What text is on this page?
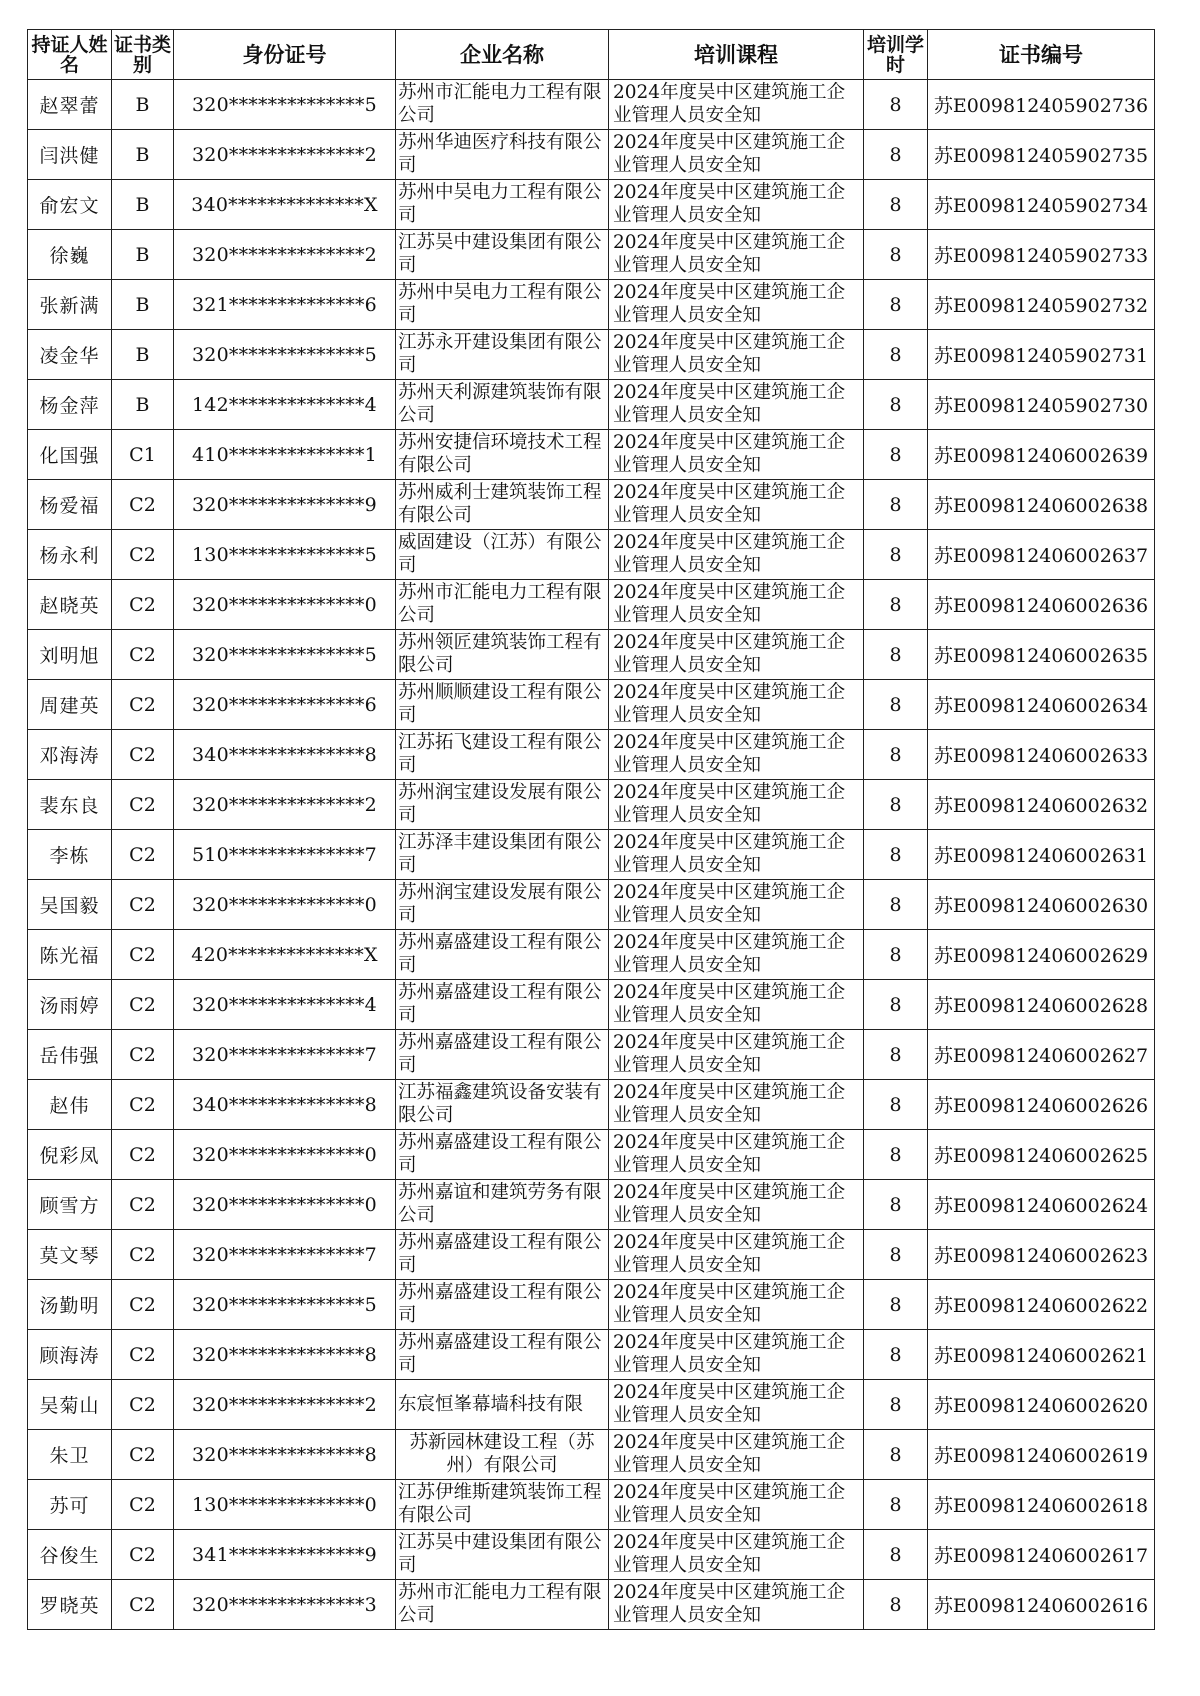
持证人姓名	证书类别	身份证号	企业名称	培训课程	培训学时	证书编号
赵翠蕾	B	320**************5	苏州市汇能电力工程有限公司	2024年度吴中区建筑施工企业管理人员安全知	8	苏E009812405902736
闫洪健	B	320**************2	苏州华迪医疗科技有限公司	2024年度吴中区建筑施工企业管理人员安全知	8	苏E009812405902735
俞宏文	B	340**************X	苏州中吴电力工程有限公司	2024年度吴中区建筑施工企业管理人员安全知	8	苏E009812405902734
徐巍	B	320**************2	江苏吴中建设集团有限公司	2024年度吴中区建筑施工企业管理人员安全知	8	苏E009812405902733
张新满	B	321**************6	苏州中吴电力工程有限公司	2024年度吴中区建筑施工企业管理人员安全知	8	苏E009812405902732
凌金华	B	320**************5	江苏永开建设集团有限公司	2024年度吴中区建筑施工企业管理人员安全知	8	苏E009812405902731
杨金萍	B	142**************4	苏州天利源建筑装饰有限公司	2024年度吴中区建筑施工企业管理人员安全知	8	苏E009812405902730
化国强	C1	410**************1	苏州安捷信环境技术工程有限公司	2024年度吴中区建筑施工企业管理人员安全知	8	苏E009812406002639
杨爱福	C2	320**************9	苏州威利士建筑装饰工程有限公司	2024年度吴中区建筑施工企业管理人员安全知	8	苏E009812406002638
杨永利	C2	130**************5	威固建设（江苏）有限公司	2024年度吴中区建筑施工企业管理人员安全知	8	苏E009812406002637
赵晓英	C2	320**************0	苏州市汇能电力工程有限公司	2024年度吴中区建筑施工企业管理人员安全知	8	苏E009812406002636
刘明旭	C2	320**************5	苏州领匠建筑装饰工程有限公司	2024年度吴中区建筑施工企业管理人员安全知	8	苏E009812406002635
周建英	C2	320**************6	苏州顺顺建设工程有限公司	2024年度吴中区建筑施工企业管理人员安全知	8	苏E009812406002634
邓海涛	C2	340**************8	江苏拓飞建设工程有限公司	2024年度吴中区建筑施工企业管理人员安全知	8	苏E009812406002633
裴东良	C2	320**************2	苏州润宝建设发展有限公司	2024年度吴中区建筑施工企业管理人员安全知	8	苏E009812406002632
李栋	C2	510**************7	江苏泽丰建设集团有限公司	2024年度吴中区建筑施工企业管理人员安全知	8	苏E009812406002631
吴国毅	C2	320**************0	苏州润宝建设发展有限公司	2024年度吴中区建筑施工企业管理人员安全知	8	苏E009812406002630
陈光福	C2	420**************X	苏州嘉盛建设工程有限公司	2024年度吴中区建筑施工企业管理人员安全知	8	苏E009812406002629
汤雨婷	C2	320**************4	苏州嘉盛建设工程有限公司	2024年度吴中区建筑施工企业管理人员安全知	8	苏E009812406002628
岳伟强	C2	320**************7	苏州嘉盛建设工程有限公司	2024年度吴中区建筑施工企业管理人员安全知	8	苏E009812406002627
赵伟	C2	340**************8	江苏福鑫建筑设备安装有限公司	2024年度吴中区建筑施工企业管理人员安全知	8	苏E009812406002626
倪彩凤	C2	320**************0	苏州嘉盛建设工程有限公司	2024年度吴中区建筑施工企业管理人员安全知	8	苏E009812406002625
顾雪方	C2	320**************0	苏州嘉谊和建筑劳务有限公司	2024年度吴中区建筑施工企业管理人员安全知	8	苏E009812406002624
莫文琴	C2	320**************7	苏州嘉盛建设工程有限公司	2024年度吴中区建筑施工企业管理人员安全知	8	苏E009812406002623
汤勤明	C2	320**************5	苏州嘉盛建设工程有限公司	2024年度吴中区建筑施工企业管理人员安全知	8	苏E009812406002622
顾海涛	C2	320**************8	苏州嘉盛建设工程有限公司	2024年度吴中区建筑施工企业管理人员安全知	8	苏E009812406002621
吴菊山	C2	320**************2	东宸恒峯幕墙科技有限	2024年度吴中区建筑施工企业管理人员安全知	8	苏E009812406002620
朱卫	C2	320**************8	苏新园林建设工程（苏州）有限公司	2024年度吴中区建筑施工企业管理人员安全知	8	苏E009812406002619
苏可	C2	130**************0	江苏伊维斯建筑装饰工程有限公司	2024年度吴中区建筑施工企业管理人员安全知	8	苏E009812406002618
谷俊生	C2	341**************9	江苏吴中建设集团有限公司	2024年度吴中区建筑施工企业管理人员安全知	8	苏E009812406002617
罗晓英	C2	320**************3	苏州市汇能电力工程有限公司	2024年度吴中区建筑施工企业管理人员安全知	8	苏E009812406002616
